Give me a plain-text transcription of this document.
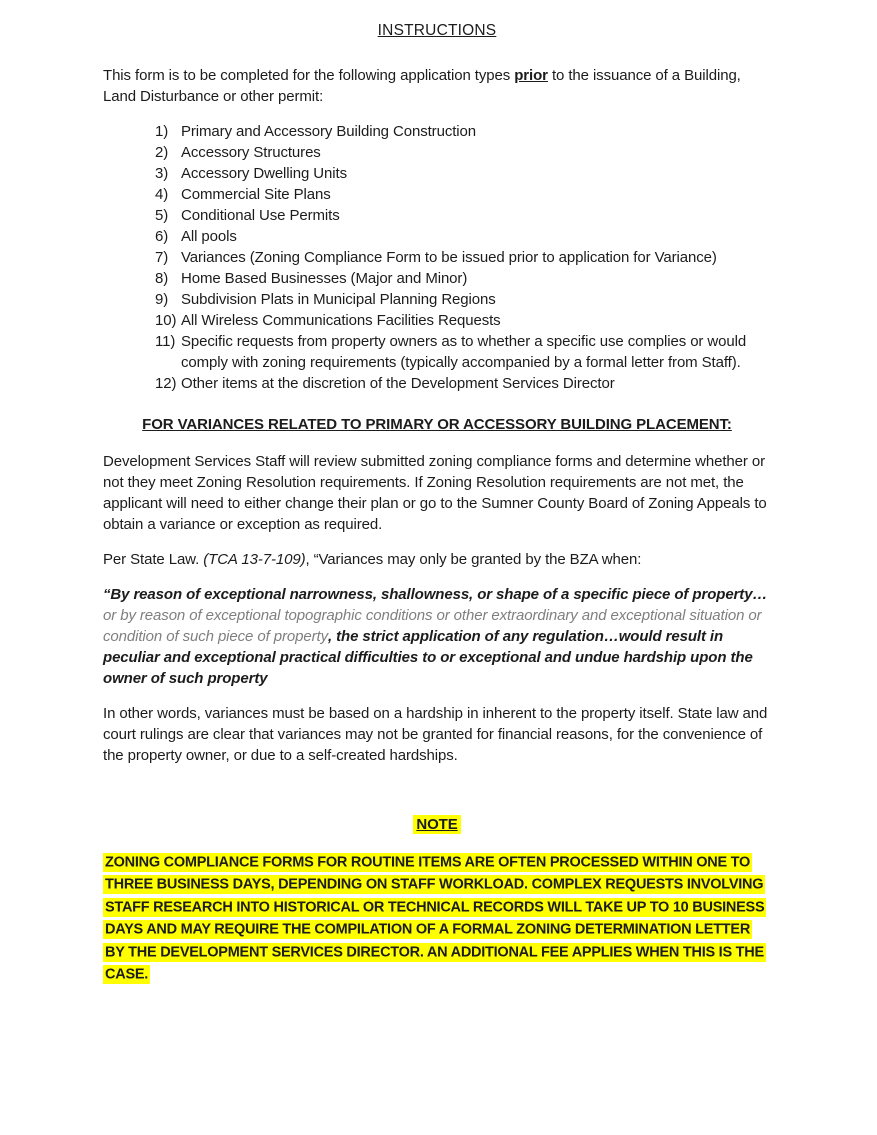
INSTRUCTIONS

This form is to be completed for the following application types prior to the issuance of a Building, Land Disturbance or other permit:

1) Primary and Accessory Building Construction
2) Accessory Structures
3) Accessory Dwelling Units
4) Commercial Site Plans
5) Conditional Use Permits
6) All pools
7) Variances (Zoning Compliance Form to be issued prior to application for Variance)
8) Home Based Businesses (Major and Minor)
9) Subdivision Plats in Municipal Planning Regions
10) All Wireless Communications Facilities Requests
11) Specific requests from property owners as to whether a specific use complies or would comply with zoning requirements (typically accompanied by a formal letter from Staff).
12) Other items at the discretion of the Development Services Director
FOR VARIANCES RELATED TO PRIMARY OR ACCESSORY BUILDING PLACEMENT:

Development Services Staff will review submitted zoning compliance forms and determine whether or not they meet Zoning Resolution requirements. If Zoning Resolution requirements are not met, the applicant will need to either change their plan or go to the Sumner County Board of Zoning Appeals to obtain a variance or exception as required.

Per State Law. (TCA 13-7-109), “Variances may only be granted by the BZA when:

“By reason of exceptional narrowness, shallowness, or shape of a specific piece of property…or by reason of exceptional topographic conditions or other extraordinary and exceptional situation or condition of such piece of property, the strict application of any regulation…would result in peculiar and exceptional practical difficulties to or exceptional and undue hardship upon the owner of such property

In other words, variances must be based on a hardship in inherent to the property itself. State law and court rulings are clear that variances may not be granted for financial reasons, for the convenience of the property owner, or due to a self-created hardships.

NOTE

ZONING COMPLIANCE FORMS FOR ROUTINE ITEMS ARE OFTEN PROCESSED WITHIN ONE TO THREE BUSINESS DAYS, DEPENDING ON STAFF WORKLOAD. COMPLEX REQUESTS INVOLVING STAFF RESEARCH INTO HISTORICAL OR TECHNICAL RECORDS WILL TAKE UP TO 10 BUSINESS DAYS AND MAY REQUIRE THE COMPILATION OF A FORMAL ZONING DETERMINATION LETTER BY THE DEVELOPMENT SERVICES DIRECTOR. AN ADDITIONAL FEE APPLIES WHEN THIS IS THE CASE.
